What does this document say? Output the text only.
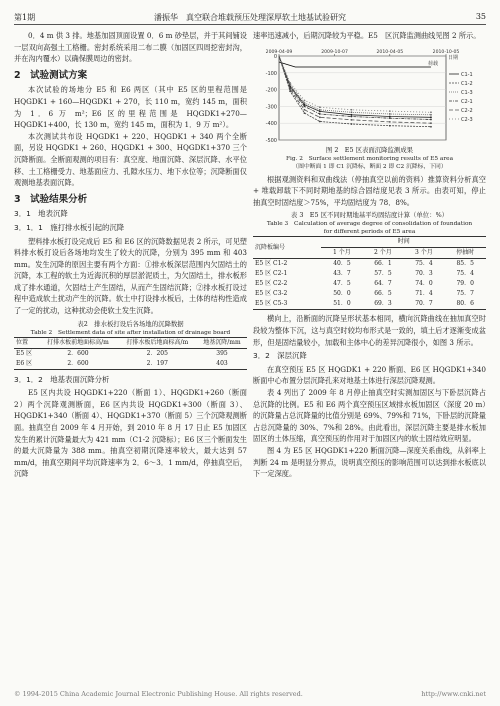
第1期	潘振华　真空联合堆载预压处理深厚软土地基试验研究	35

0．4 m 供 3 排。地基加固顶面设置 0．6 m 砂垫层，并于其间铺设一层双向高强土工格栅。密封系统采用二布二膜（加固区四周挖密封沟，并在沟内覆水）以确保膜周边的密封。

2　试验测试方案

本次试验的场地分 E5 和 E6 两区（其中 E5 区的里程范围是 HQGDK1 + 160—HQGDK1 + 270，长 110 m，宽约 145 m，面积为 1．6 万 m²；E6 区的里程范围是 HQGDK1+270—HQGDK1+400，长 130 m，宽约 145 m，面积为 1．9 万 m²）。

本次测试共布设 HQGDK1 + 220、HQGDK1 + 340 两个全断面，另设 HQGDK1 + 260、HQGDK1 + 300、HQGDK1+370 三个沉降断面。全断面观测的项目有：真空度、地面沉降、深层沉降、水平位移、土工格栅受力、地基面应力、孔隙水压力、地下水位等；沉降断面仅观测地基表面沉降。

3　试验结果分析
3．1　地表沉降
3．1．1　施打排水板引起的沉降

塑料排水板打设完成后 E5 和 E6 区的沉降数据见表 2 所示，可见塑料排水板打设后各场地均发生了较大的沉降，分别为 395 mm 和 403 mm。发生沉降的原因主要有两个方面：①排水板深层范围内欠固结土的沉降，本工程的软土为近海沉积的厚层淤泥质土，为欠固结土，排水板形成了排水通道，欠固结土产生固结，从而产生固结沉降；②排水板打设过程中造成软土扰动产生的沉降。软土中打设排水板后，土体的结构性造成了一定的扰动，这种扰动会使软土发生沉降。

表2　排水板打设后各场地的沉降数据
Table 2　Settlement data of site after installation of drainage board
位置	打排水板前地面标高/m	打排水板后地面标高/m	地基沉降/mm
E5 区	2．600	2．205	395
E6 区	2．600	2．197	403
3．1．2　地基表面沉降分析

E5 区内共设 HQGDK1+220（断面 1）、HQGDK1+260（断面 2）两个沉降观测断面，E6 区内共设 HQGDK1+300（断面 3）、HQGDK1+340（断面 4）、HQGDK1+370（断面 5）三个沉降观测断面。抽真空自 2009 年 4 月开始，到 2010 年 8 月 17 日止 E5 加固区发生的累计沉降量最大为 421 mm（C1-2 沉降标）；E6 区三个断面发生的最大沉降量为 388 mm。抽真空初期沉降速率较大，最大达到 57 mm/d，抽真空期间平均沉降速率为 2．6～3．1 mm/d，停抽真空后，沉降

速率迅速减小，后期沉降较为平稳。E5　区沉降监测曲线见图 2 所示。

0
-100
-200
-300
-400
-500
2009-04-09	2009-10-07	2010-04-05	2010-10-05
荷载
日期
C1-1
C1-2
C1-3
C2-1
C2-2
C2-3
图 2　E5 区表面沉降监测成果
Fig. 2　Surface settlement monitoring results of E5 area
（图中断面 1 即 C1 沉降标，断面 2 即 C2 沉降标，下同）

根据观测资料和双曲线法（停抽真空以前的资料）推算资料分析真空 + 堆载卸载下不同时期地基的综合固结度见表 3 所示。由表可知，停止抽真空时固结度＞75%，平均固结度为 78．8%。

表 3　E5 区不同时期地基平均固结度计算（单位：%）
Table 3　Calculation of average degree of consolidation of foundation
for different periods of E5 area
沉降板编号	时间			
	1 个月	2 个月	3 个月	停抽时
E5 区 C1-2	40．5	66．1	75．4	85．5
E5 区 C2-1	43．7	57．5	70．3	75．4
E5 区 C2-2	47．5	64．7	74．0	79．0
E5 区 C3-2	50．0	66．5	71．4	75．7
E5 区 C5-3	51．0	69．3	70．7	80．6

横向上，沿断面的沉降呈形状基本相同，横向沉降曲线在抽加真空时段较为整体下沉，这与真空时较均布形式是一致的，填土后才逐渐变成盆形，但是固结量较小，加载和主体中心的差异沉降很小，如图 3 所示。

3．2　深层沉降

在真空预压 E5 区 HQGDK1 + 220 断面、E6 区 HQGDK1+340 断面中心布置分层沉降孔来对地基土体进行深层沉降观测。

表 4 列出了 2009 年 8 月停止抽真空时实测加固区与下卧层沉降占总沉降的比例。E5 和 E6 两个真空预压区域排水板加固区（深度 20 m）的沉降量占总沉降量的比值分别是 69%、79%和 71%，下卧层的沉降量占总沉降量的 30%、7%和 28%。由此看出，深层沉降主要是排水板加固区的土体压缩，真空预压的作用对于加固区内的软土固结效应明显。

图 4 为 E5 区 HQGDK1+220 断面沉降—深度关系曲线，从斜率上判断 24 m 是明显分界点，说明真空预压的影响范围可以达到排水板底以下一定深度。

© 1994-2015 China Academic Journal Electronic Publishing House. All rights reserved.	http://www.cnki.net
